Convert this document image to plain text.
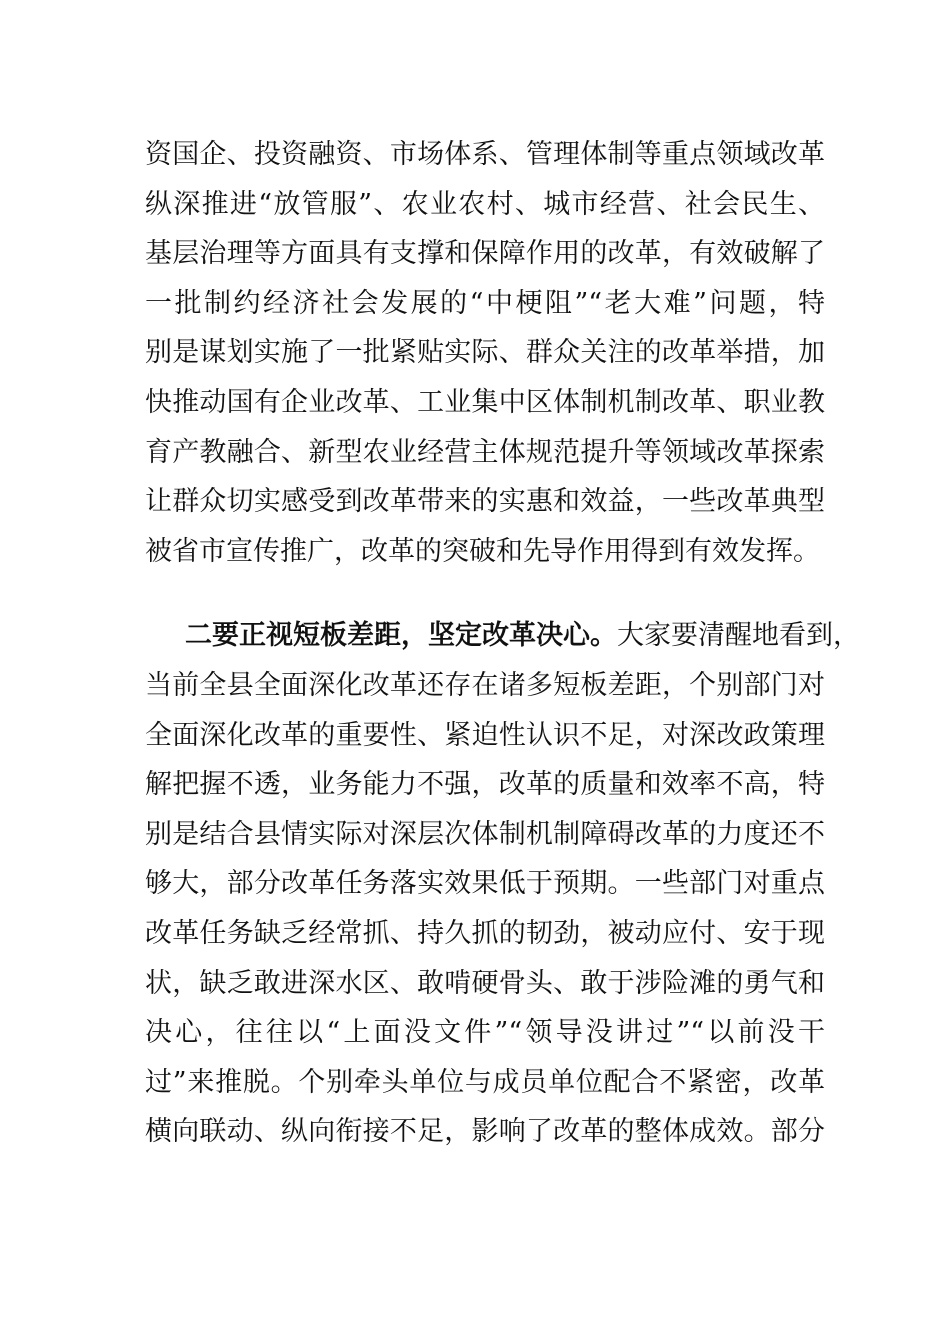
资国企、投资融资、市场体系、管理体制等重点领域改革
纵深推进“放管服”、农业农村、城市经营、社会民生、
基层治理等方面具有支撑和保障作用的改革，有效破解了
一批制约经济社会发展的“中梗阻”“老大难”问题，特
别是谋划实施了一批紧贴实际、群众关注的改革举措，加
快推动国有企业改革、工业集中区体制机制改革、职业教
育产教融合、新型农业经营主体规范提升等领域改革探索
让群众切实感受到改革带来的实惠和效益，一些改革典型
被省市宣传推广，改革的突破和先导作用得到有效发挥。
二要正视短板差距，坚定改革决心。大家要清醒地看到，
当前全县全面深化改革还存在诸多短板差距，个别部门对
全面深化改革的重要性、紧迫性认识不足，对深改政策理
解把握不透，业务能力不强，改革的质量和效率不高，特
别是结合县情实际对深层次体制机制障碍改革的力度还不
够大，部分改革任务落实效果低于预期。一些部门对重点
改革任务缺乏经常抓、持久抓的韧劲，被动应付、安于现
状，缺乏敢进深水区、敢啃硬骨头、敢于涉险滩的勇气和
决心，往往以“上面没文件”“领导没讲过”“以前没干
过”来推脱。个别牵头单位与成员单位配合不紧密，改革
横向联动、纵向衔接不足，影响了改革的整体成效。部分
